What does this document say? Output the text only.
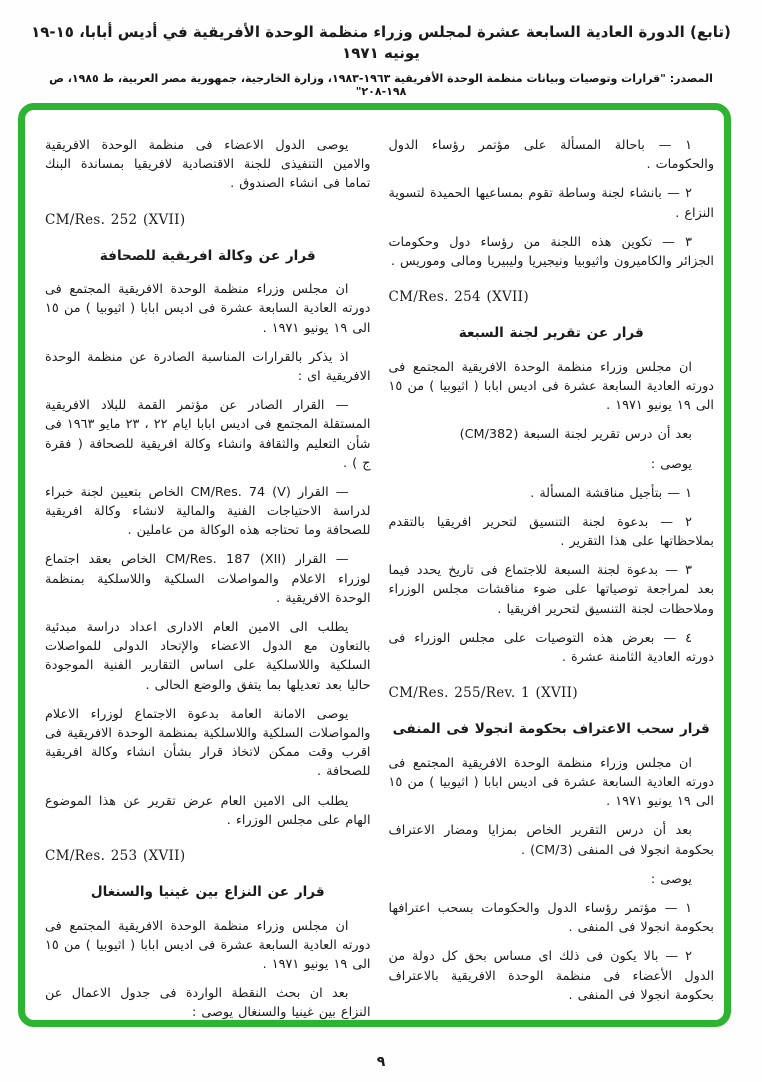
(تابع) الدورة العادية السابعة عشرة لمجلس وزراء منظمة الوحدة الأفريقية في أديس أبابا، ١٥-١٩ يونيه ١٩٧١
المصدر: "قرارات وتوصيات وبيانات منظمة الوحدة الأفريقية ١٩٦٣-١٩٨٣، وزارة الخارجية، جمهورية مصر العربية، ط ١٩٨٥، ص ١٩٨-٢٠٨"
يوصى الدول الاعضاء فى منظمة الوحدة الافريقية والامين التنفيذى للجنة الاقتصادية لافريقيا بمساندة البنك تماما فى انشاء الصندوق .
CM/Res. 252 (XVII)
قرار عن وكالة افريقية للصحافة
ان مجلس وزراء منظمة الوحدة الافريقية المجتمع فى دورته العادية السابعة عشرة فى اديس ابابا ( اثيوبيا ) من ١٥ الى ١٩ يونيو ١٩٧١ .
اذ يذكر بالقرارات المناسبة الصادرة عن منظمة الوحدة الافريقية اى :
— القرار الصادر عن مؤتمر القمة للبلاد الافريقية المستقلة المجتمع فى اديس ابابا ايام ٢٢ ، ٢٣ مايو ١٩٦٣ فى شأن التعليم والثقافة وانشاء وكالة افريقية للصحافة ( فقرة ج ) .
— القرار CM/Res. 74 (V) الخاص بتعيين لجنة خبراء لدراسة الاحتياجات الفنية والمالية لانشاء وكالة افريقية للصحافة وما تحتاجه هذه الوكالة من عاملين .
— القرار CM/Res. 187 (XII) الخاص بعقد اجتماع لوزراء الاعلام والمواصلات السلكية واللاسلكية بمنظمة الوحدة الافريقية .
يطلب الى الامين العام الادارى اعداد دراسة مبدئية بالتعاون مع الدول الاعضاء والإتحاد الدولى للمواصلات السلكية واللاسلكية على اساس التقارير الفنية الموجودة حاليا بعد تعديلها بما يتفق والوضع الحالى .
يوصى الامانة العامة بدعوة الاجتماع لوزراء الاعلام والمواصلات السلكية واللاسلكية بمنظمة الوحدة الافريقية فى اقرب وقت ممكن لاتخاذ قرار بشأن انشاء وكالة افريقية للصحافة .
يطلب الى الامين العام عرض تقرير عن هذا الموضوع الهام على مجلس الوزراء .
CM/Res. 253 (XVII)
قرار عن النزاع بين غينيا والسنغال
ان مجلس وزراء منظمة الوحدة الافريقية المجتمع فى دورته العادية السابعة عشرة فى اديس ابابا ( اثيوبيا ) من ١٥ الى ١٩ يونيو ١٩٧١ .
بعد ان بحث النقطة الواردة فى جدول الاعمال عن النزاع بين غينيا والسنغال يوصى :
١ — باحالة المسألة على مؤتمر رؤساء الدول والحكومات .
٢ — بانشاء لجنة وساطة تقوم بمساعيها الحميدة لتسوية النزاع .
٣ — تكوين هذه اللجنة من رؤساء دول وحكومات الجزائر والكاميرون واثيوبيا ونيجيريا وليبيريا ومالى وموريس .
CM/Res. 254 (XVII)
قرار عن تقرير لجنة السبعة
ان مجلس وزراء منظمة الوحدة الافريقية المجتمع فى دورته العادية السابعة عشرة فى اديس ابابا ( اثيوبيا ) من ١٥ الى ١٩ يونيو ١٩٧١ .
بعد أن درس تقرير لجنة السبعة (CM/382)
يوصى :
١ — بتأجيل مناقشة المسألة .
٢ — بدعوة لجنة التنسيق لتحرير افريقيا بالتقدم بملاحظاتها على هذا التقرير .
٣ — بدعوة لجنة السبعة للاجتماع فى تاريخ يحدد فيما بعد لمراجعة توصياتها على ضوء مناقشات مجلس الوزراء وملاحظات لجنة التنسيق لتحرير افريقيا .
٤ — بعرض هذه التوصيات على مجلس الوزراء فى دورته العادية الثامنة عشرة .
CM/Res. 255/Rev. 1 (XVII)
قرار سحب الاعتراف بحكومة انجولا فى المنفى
ان مجلس وزراء منظمة الوحدة الافريقية المجتمع فى دورته العادية السابعة عشرة فى اديس ابابا ( اثيوبيا ) من ١٥ الى ١٩ يونيو ١٩٧١ .
بعد أن درس التقرير الخاص بمزايا ومضار الاعتراف بحكومة انجولا فى المنفى (CM/3) .
يوصى :
١ — مؤتمر رؤساء الدول والحكومات بسحب اعترافها بحكومة انجولا فى المنفى .
٢ — بالا يكون فى ذلك اى مساس بحق كل دولة من الدول الأعضاء فى منظمة الوحدة الافريقية بالاعتراف بحكومة انجولا فى المنفى .
٩
